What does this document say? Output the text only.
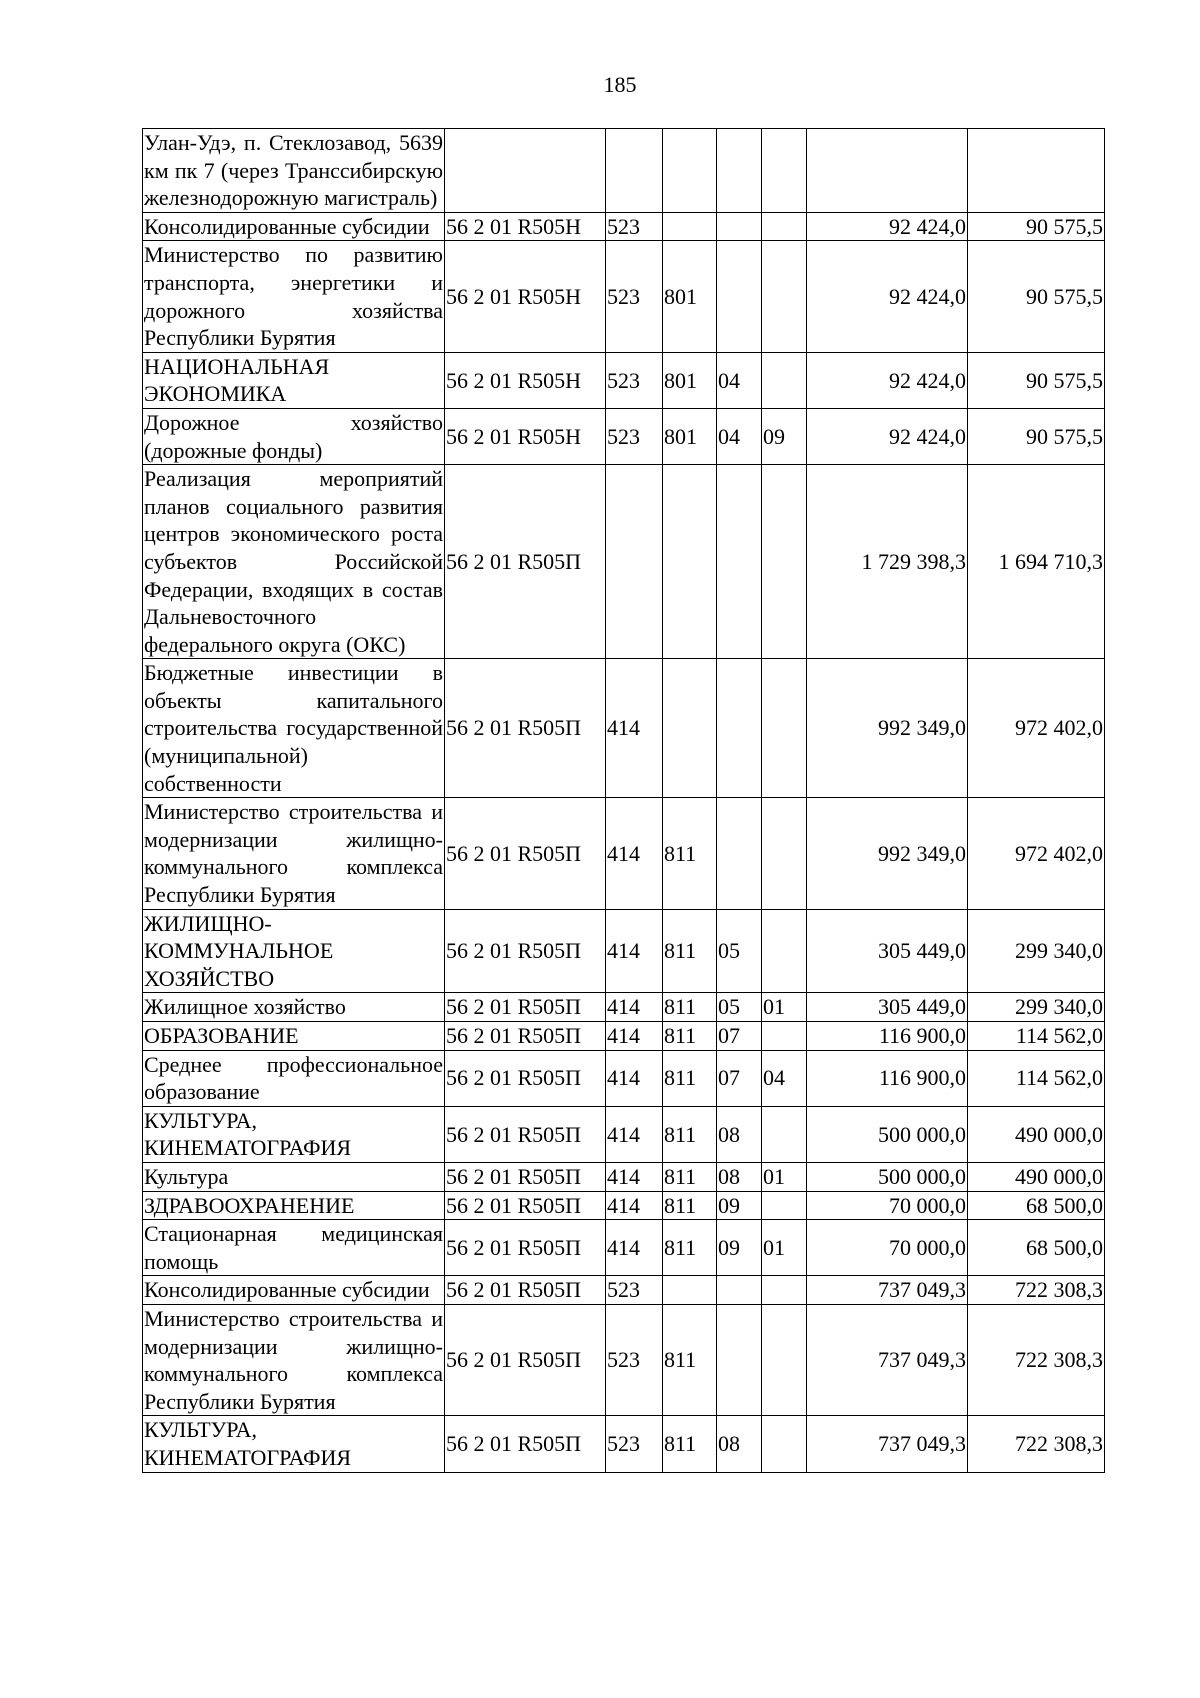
185
Улан-Удэ, п. Стеклозавод, 5639 км пк 7 (через Транссибирскую железнодорожную магистраль)							
Консолидированные субсидии	56 2 01 R505Н	523				92 424,0	90 575,5
Министерство по развитию транспорта, энергетики и дорожного хозяйства Республики Бурятия	56 2 01 R505Н	523	801			92 424,0	90 575,5
НАЦИОНАЛЬНАЯ ЭКОНОМИКА	56 2 01 R505Н	523	801	04		92 424,0	90 575,5
Дорожное хозяйство (дорожные фонды)	56 2 01 R505Н	523	801	04	09	92 424,0	90 575,5
Реализация мероприятий планов социального развития центров экономического роста субъектов Российской Федерации, входящих в состав Дальневосточного федерального округа (ОКС)	56 2 01 R505П					1 729 398,3	1 694 710,3
Бюджетные инвестиции в объекты капитального строительства государственной (муниципальной) собственности	56 2 01 R505П	414				992 349,0	972 402,0
Министерство строительства и модернизации жилищно-коммунального комплекса Республики Бурятия	56 2 01 R505П	414	811			992 349,0	972 402,0
ЖИЛИЩНО-КОММУНАЛЬНОЕ ХОЗЯЙСТВО	56 2 01 R505П	414	811	05		305 449,0	299 340,0
Жилищное хозяйство	56 2 01 R505П	414	811	05	01	305 449,0	299 340,0
ОБРАЗОВАНИЕ	56 2 01 R505П	414	811	07		116 900,0	114 562,0
Среднее профессиональное образование	56 2 01 R505П	414	811	07	04	116 900,0	114 562,0
КУЛЬТУРА, КИНЕМАТОГРАФИЯ	56 2 01 R505П	414	811	08		500 000,0	490 000,0
Культура	56 2 01 R505П	414	811	08	01	500 000,0	490 000,0
ЗДРАВООХРАНЕНИЕ	56 2 01 R505П	414	811	09		70 000,0	68 500,0
Стационарная медицинская помощь	56 2 01 R505П	414	811	09	01	70 000,0	68 500,0
Консолидированные субсидии	56 2 01 R505П	523				737 049,3	722 308,3
Министерство строительства и модернизации жилищно-коммунального комплекса Республики Бурятия	56 2 01 R505П	523	811			737 049,3	722 308,3
КУЛЬТУРА, КИНЕМАТОГРАФИЯ	56 2 01 R505П	523	811	08		737 049,3	722 308,3
